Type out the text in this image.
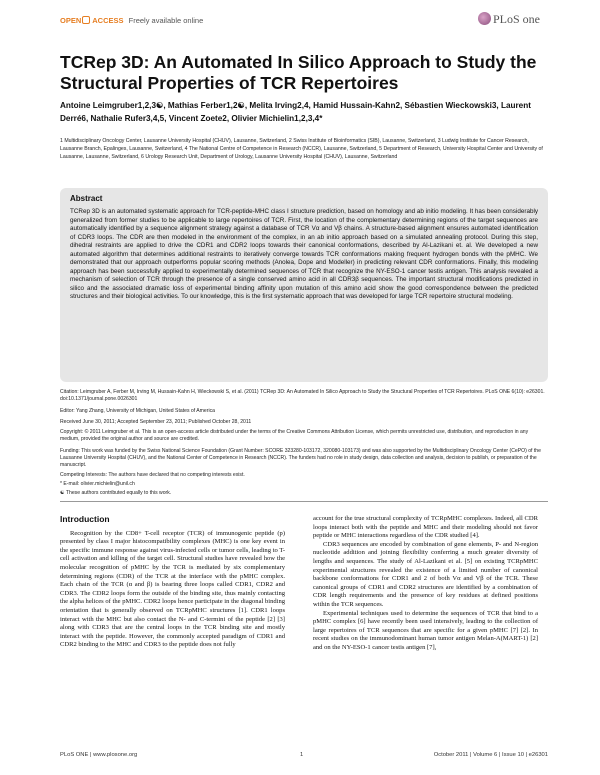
OPEN ACCESS Freely available online	PLoS one
TCRep 3D: An Automated In Silico Approach to Study the Structural Properties of TCR Repertoires
Antoine Leimgruber1,2,3☯, Mathias Ferber1,2☯, Melita Irving2,4, Hamid Hussain-Kahn2, Sébastien Wieckowski3, Laurent Derré6, Nathalie Rufer3,4,5, Vincent Zoete2, Olivier Michielin1,2,3,4*
1 Multidisciplinary Oncology Center, Lausanne University Hospital (CHUV), Lausanne, Switzerland, 2 Swiss Institute of Bioinformatics (SIB), Lausanne, Switzerland, 3 Ludwig Institute for Cancer Research, Lausanne Branch, Epalinges, Lausanne, Switzerland, 4 The National Centre of Competence in Research (NCCR), Lausanne, Switzerland, 5 Department of Research, University Hospital Center and University of Lausanne, Lausanne, Switzerland, 6 Urology Research Unit, Department of Urology, Lausanne University Hospital (CHUV), Lausanne, Switzerland
Abstract

TCRep 3D is an automated systematic approach for TCR-peptide-MHC class I structure prediction, based on homology and ab initio modeling. It has been considerably generalized from former studies to be applicable to large repertoires of TCR. First, the location of the complementary determining regions of the target sequences are automatically identified by a sequence alignment strategy against a database of TCR Vα and Vβ chains. A structure-based alignment ensures automated identification of CDR3 loops. The CDR are then modeled in the environment of the complex, in an ab initio approach based on a simulated annealing protocol. During this step, dihedral restraints are applied to drive the CDR1 and CDR2 loops towards their canonical conformations, described by Al-Lazikani et. al. We developed a new automated algorithm that determines additional restraints to iteratively converge towards TCR conformations making frequent hydrogen bonds with the pMHC. We demonstrated that our approach outperforms popular scoring methods (Anolea, Dope and Modeller) in predicting relevant CDR conformations. Finally, this modeling approach has been successfully applied to experimentally determined sequences of TCR that recognize the NY-ESO-1 cancer testis antigen. This analysis revealed a mechanism of selection of TCR through the presence of a single conserved amino acid in all CDR3β sequences. The important structural modifications predicted in silico and the associated dramatic loss of experimental binding affinity upon mutation of this amino acid show the good correspondence between the predicted structures and their biological activities. To our knowledge, this is the first systematic approach that was developed for large TCR repertoire structural modeling.

Citation: Leimgruber A, Ferber M, Irving M, Hussain-Kahn H, Wieckowski S, et al. (2011) TCRep 3D: An Automated In Silico Approach to Study the Structural Properties of TCR Repertoires. PLoS ONE 6(10): e26301. doi:10.1371/journal.pone.0026301
Editor: Yang Zhang, University of Michigan, United States of America
Received June 30, 2011; Accepted September 23, 2011; Published October 28, 2011
Copyright: © 2011 Leimgruber et al. This is an open-access article distributed under the terms of the Creative Commons Attribution License, which permits unrestricted use, distribution, and reproduction in any medium, provided the original author and source are credited.
Funding: This work was funded by the Swiss National Science Foundation (Grant Number: SCORE 323280-103172, 320080-103173) and was also supported by the Multidisciplinary Oncology Center (CePO) of the Lausanne University Hospital (CHUV), and the National Center of Competence in Research (NCCR). The funders had no role in study design, data collection and analysis, decision to publish, or preparation of the manuscript.
Competing Interests: The authors have declared that no competing interests exist.
* E-mail: olivier.michielin@unil.ch
☯ These authors contributed equally to this work.
Introduction

Recognition by the CD8+ T-cell receptor (TCR) of immunogenic peptide (p) presented by class I major histocompatibility complexes (MHC) is one key event in the specific immune response against virus-infected cells or tumor cells, leading to T-cell activation and killing of the target cell. Structural studies have revealed how the molecular recognition of pMHC by the TCR is mediated by six complementary determining regions (CDR) of the TCR at the interface with the pMHC complex. Each chain of the TCR (α and β) is bearing three loops called CDR1, CDR2 and CDR3. The CDR2 loops form the outside of the binding site, thus mainly contacting the alpha helices of the pMHC. CDR2 loops hence participate in the diagonal binding orientation that is generally observed on TCRpMHC structures [1]. CDR1 loops interact with the MHC but also contact the N- and C-termini of the peptide [2] [3] along with CDR3 that are the central loops in the TCR binding site and mostly interact with the peptide. However, the commonly accepted paradigm of CDR1 and CDR2 binding to the MHC and CDR3 to the peptide does not fully

account for the true structural complexity of TCRpMHC complexes. Indeed, all CDR loops interact both with the peptide and MHC and their modeling should not favor peptide or MHC interactions regardless of the CDR studied [4].

CDR3 sequences are encoded by combination of gene elements, P- and N-region nucleotide addition and joining flexibility conferring a much greater diversity of lengths and sequences. The study of Al-Lazikani et al. [5] on existing TCRpMHC experimental structures revealed the existence of a limited number of canonical backbone conformations for CDR1 and 2 of both Vα and Vβ of the TCR. These canonical groups of CDR1 and CDR2 structures are identified by a combination of CDR length requirements and the presence of key residues at defined positions within the TCR sequences.

Experimental techniques used to determine the sequences of TCR that bind to a pMHC complex [6] have recently been used intensively, leading to the collection of large repertoires of TCR sequences that are specific for a given pMHC [7] [2]. In recent studies on the immunodominant human tumor antigen Melan-A(MART-1) [2] and on the NY-ESO-1 cancer testis antigen [7],

PLoS ONE | www.plosone.org	1	October 2011 | Volume 6 | Issue 10 | e26301
